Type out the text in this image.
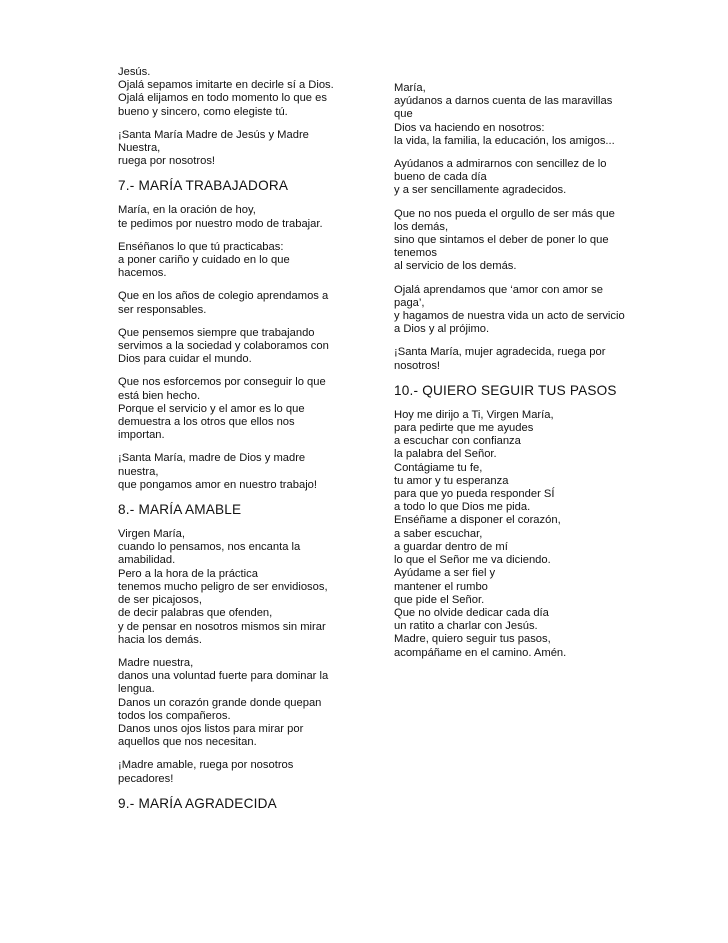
Jesús.
Ojalá sepamos imitarte en decirle sí a Dios.
Ojalá elijamos en todo momento lo que es
bueno y sincero, como elegiste tú.
¡Santa María Madre de Jesús y Madre
Nuestra,
ruega por nosotros!
7.- MARÍA TRABAJADORA
María, en la oración de hoy,
te pedimos por nuestro modo de trabajar.
Enséñanos lo que tú practicabas:
a poner cariño y cuidado en lo que
hacemos.
Que en los años de colegio aprendamos a
ser responsables.
Que pensemos siempre que trabajando
servimos a la sociedad y colaboramos con
Dios para cuidar el mundo.
Que nos esforcemos por conseguir lo que
está bien hecho.
Porque el servicio y el amor es lo que
demuestra a los otros que ellos nos
importan.
¡Santa María, madre de Dios y madre
nuestra,
que pongamos amor en nuestro trabajo!
8.- MARÍA AMABLE
Virgen María,
cuando lo pensamos, nos encanta la
amabilidad.
Pero a la hora de la práctica
tenemos mucho peligro de ser envidiosos,
de ser picajosos,
de decir palabras que ofenden,
y de pensar en nosotros mismos sin mirar
hacia los demás.
Madre nuestra,
danos una voluntad fuerte para dominar la
lengua.
Danos un corazón grande donde quepan
todos los compañeros.
Danos unos ojos listos para mirar por
aquellos que nos necesitan.
¡Madre amable, ruega por nosotros
pecadores!
9.- MARÍA AGRADECIDA
María,
ayúdanos a darnos cuenta de las maravillas
que
Dios va haciendo en nosotros:
la vida, la familia, la educación, los amigos...
Ayúdanos a admirarnos con sencillez de lo
bueno de cada día
y a ser sencillamente agradecidos.
Que no nos pueda el orgullo de ser más que
los demás,
sino que sintamos el deber de poner lo que
tenemos
al servicio de los demás.
Ojalá aprendamos que ‘amor con amor se
paga’,
y hagamos de nuestra vida un acto de servicio
a Dios y al prójimo.
¡Santa María, mujer agradecida, ruega por
nosotros!
10.- QUIERO SEGUIR TUS PASOS
Hoy me dirijo a Ti, Virgen María,
para pedirte que me ayudes
a escuchar con confianza
la palabra del Señor.
Contágiame tu fe,
tu amor y tu esperanza
para que yo pueda responder SÍ
a todo lo que Dios me pida.
Enséñame a disponer el corazón,
a saber escuchar,
a guardar dentro de mí
lo que el Señor me va diciendo.
Ayúdame a ser fiel y
mantener el rumbo
que pide el Señor.
Que no olvide dedicar cada día
un ratito a charlar con Jesús.
Madre, quiero seguir tus pasos,
acompáñame en el camino. Amén.
